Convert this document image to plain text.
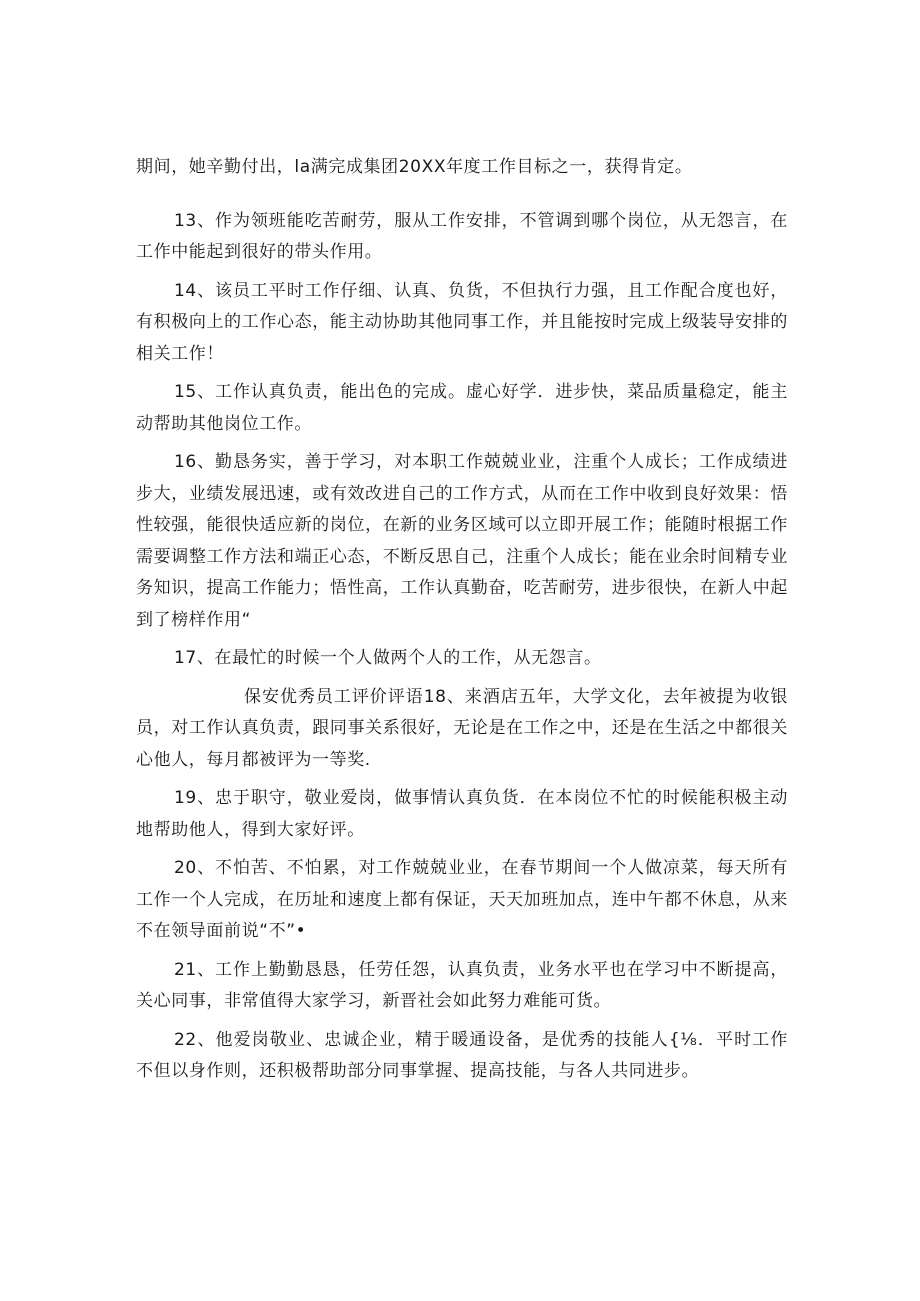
期间，她辛勤付出，la满完成集团20XX年度工作目标之一，获得肯定。

13、作为领班能吃苦耐劳，服从工作安排，不管调到哪个岗位，从无怨言，在工作中能起到很好的带头作用。

14、该员工平时工作仔细、认真、负货，不但执行力强，且工作配合度也好，有积极向上的工作心态，能主动协助其他同事工作，并且能按时完成上级装导安排的相关工作！

15、工作认真负责，能出色的完成。虚心好学．进步快，菜品质量稳定，能主动帮助其他岗位工作。

16、勤恳务实，善于学习，对本职工作兢兢业业，注重个人成长；工作成绩进步大，业绩发展迅速，或有效改进自己的工作方式，从而在工作中收到良好效果：悟性较强，能很快适应新的岗位，在新的业务区域可以立即开展工作；能随时根据工作需要调整工作方法和端正心态，不断反思自己，注重个人成长；能在业余时间精专业务知识，提高工作能力；悟性高，工作认真勤奋，吃苦耐劳，进步很快，在新人中起到了榜样作用“

17、在最忙的时候一个人做两个人的工作，从无怨言。

保安优秀员工评价评语18、来酒店五年，大学文化，去年被提为收银员，对工作认真负责，跟同事关系很好，无论是在工作之中，还是在生活之中都很关心他人，每月都被评为一等奖.

19、忠于职守，敬业爱岗，做事情认真负货．在本岗位不忙的时候能积极主动地帮助他人，得到大家好评。

20、不怕苦、不怕累，对工作兢兢业业，在春节期间一个人做凉菜，每天所有工作一个人完成，在历址和速度上都有保证，天天加班加点，连中午都不休息，从来不在领导面前说“不”•

21、工作上勤勤恳恳，任劳任怨，认真负责，业务水平也在学习中不断提高，关心同事，非常值得大家学习，新晋社会如此努力难能可货。

22、他爱岗敬业、忠诚企业，精于暖通设备，是优秀的技能人{⅛．平时工作不但以身作则，还积极帮助部分同事掌握、提高技能，与各人共同进步。
